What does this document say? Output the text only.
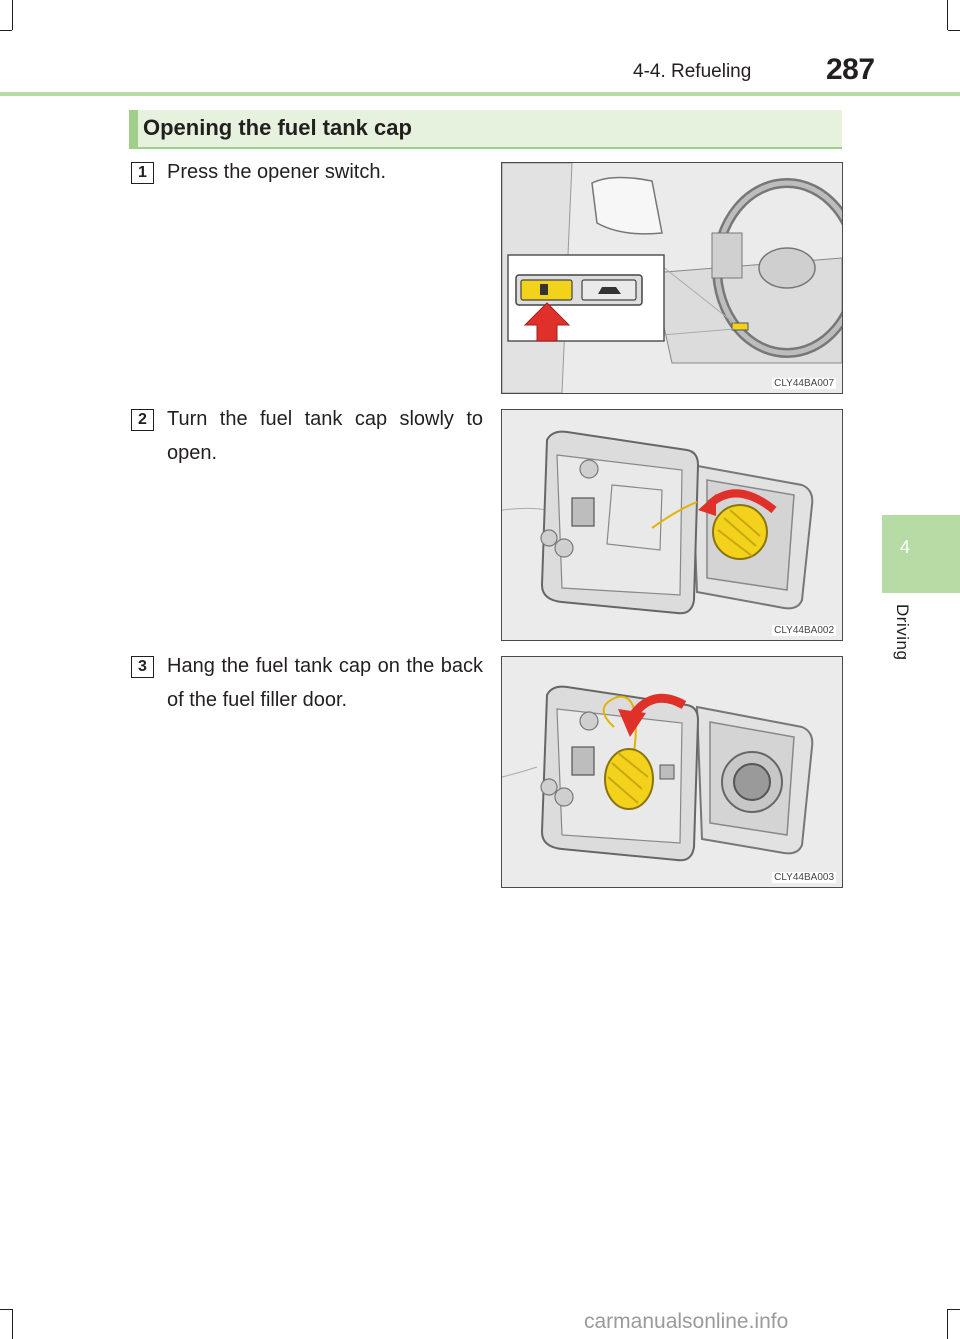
4-4. Refueling 287
4
Driving
Opening the fuel tank cap
1	Press the opener switch.
CLY44BA007
2	Turn the fuel tank cap slowly to open.
CLY44BA002
3	Hang the fuel tank cap on the back of the fuel filler door.
CLY44BA003
carmanualsonline.info
